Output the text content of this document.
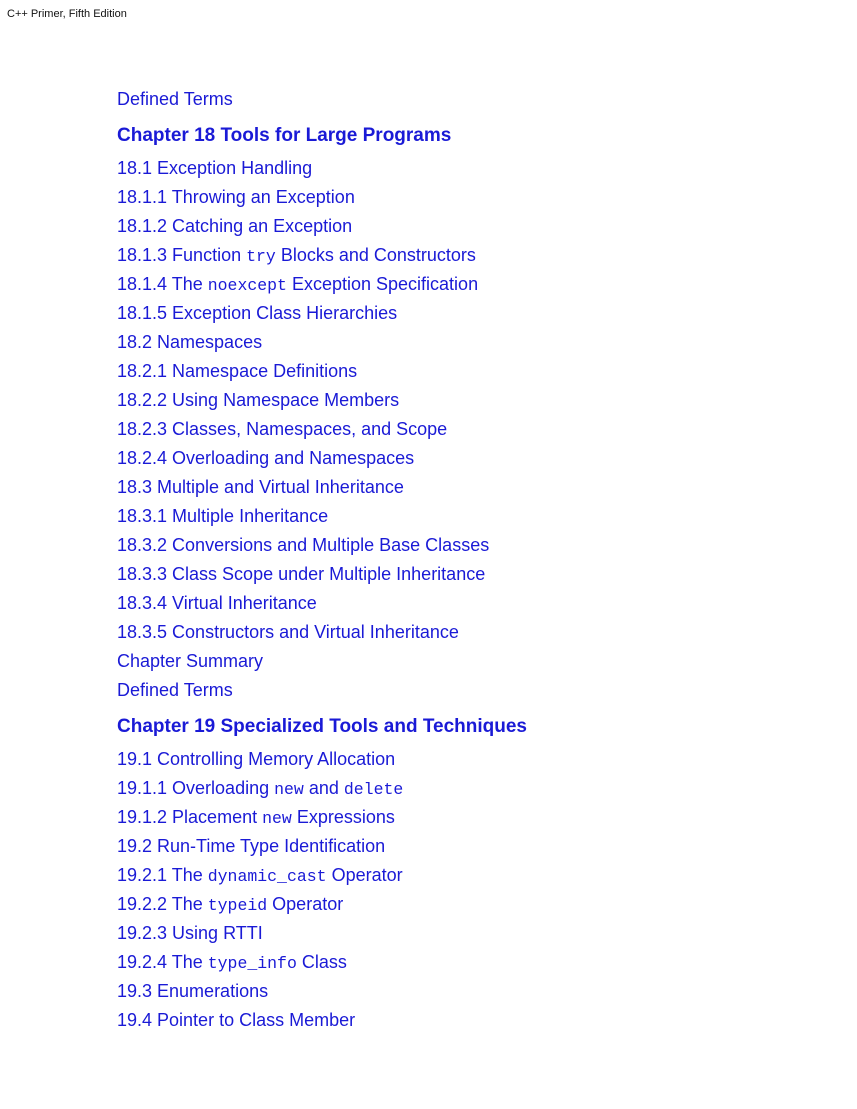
C++ Primer, Fifth Edition
Defined Terms
Chapter 18 Tools for Large Programs
18.1 Exception Handling
18.1.1 Throwing an Exception
18.1.2 Catching an Exception
18.1.3 Function try Blocks and Constructors
18.1.4 The noexcept Exception Specification
18.1.5 Exception Class Hierarchies
18.2 Namespaces
18.2.1 Namespace Definitions
18.2.2 Using Namespace Members
18.2.3 Classes, Namespaces, and Scope
18.2.4 Overloading and Namespaces
18.3 Multiple and Virtual Inheritance
18.3.1 Multiple Inheritance
18.3.2 Conversions and Multiple Base Classes
18.3.3 Class Scope under Multiple Inheritance
18.3.4 Virtual Inheritance
18.3.5 Constructors and Virtual Inheritance
Chapter Summary
Defined Terms
Chapter 19 Specialized Tools and Techniques
19.1 Controlling Memory Allocation
19.1.1 Overloading new and delete
19.1.2 Placement new Expressions
19.2 Run-Time Type Identification
19.2.1 The dynamic_cast Operator
19.2.2 The typeid Operator
19.2.3 Using RTTI
19.2.4 The type_info Class
19.3 Enumerations
19.4 Pointer to Class Member
